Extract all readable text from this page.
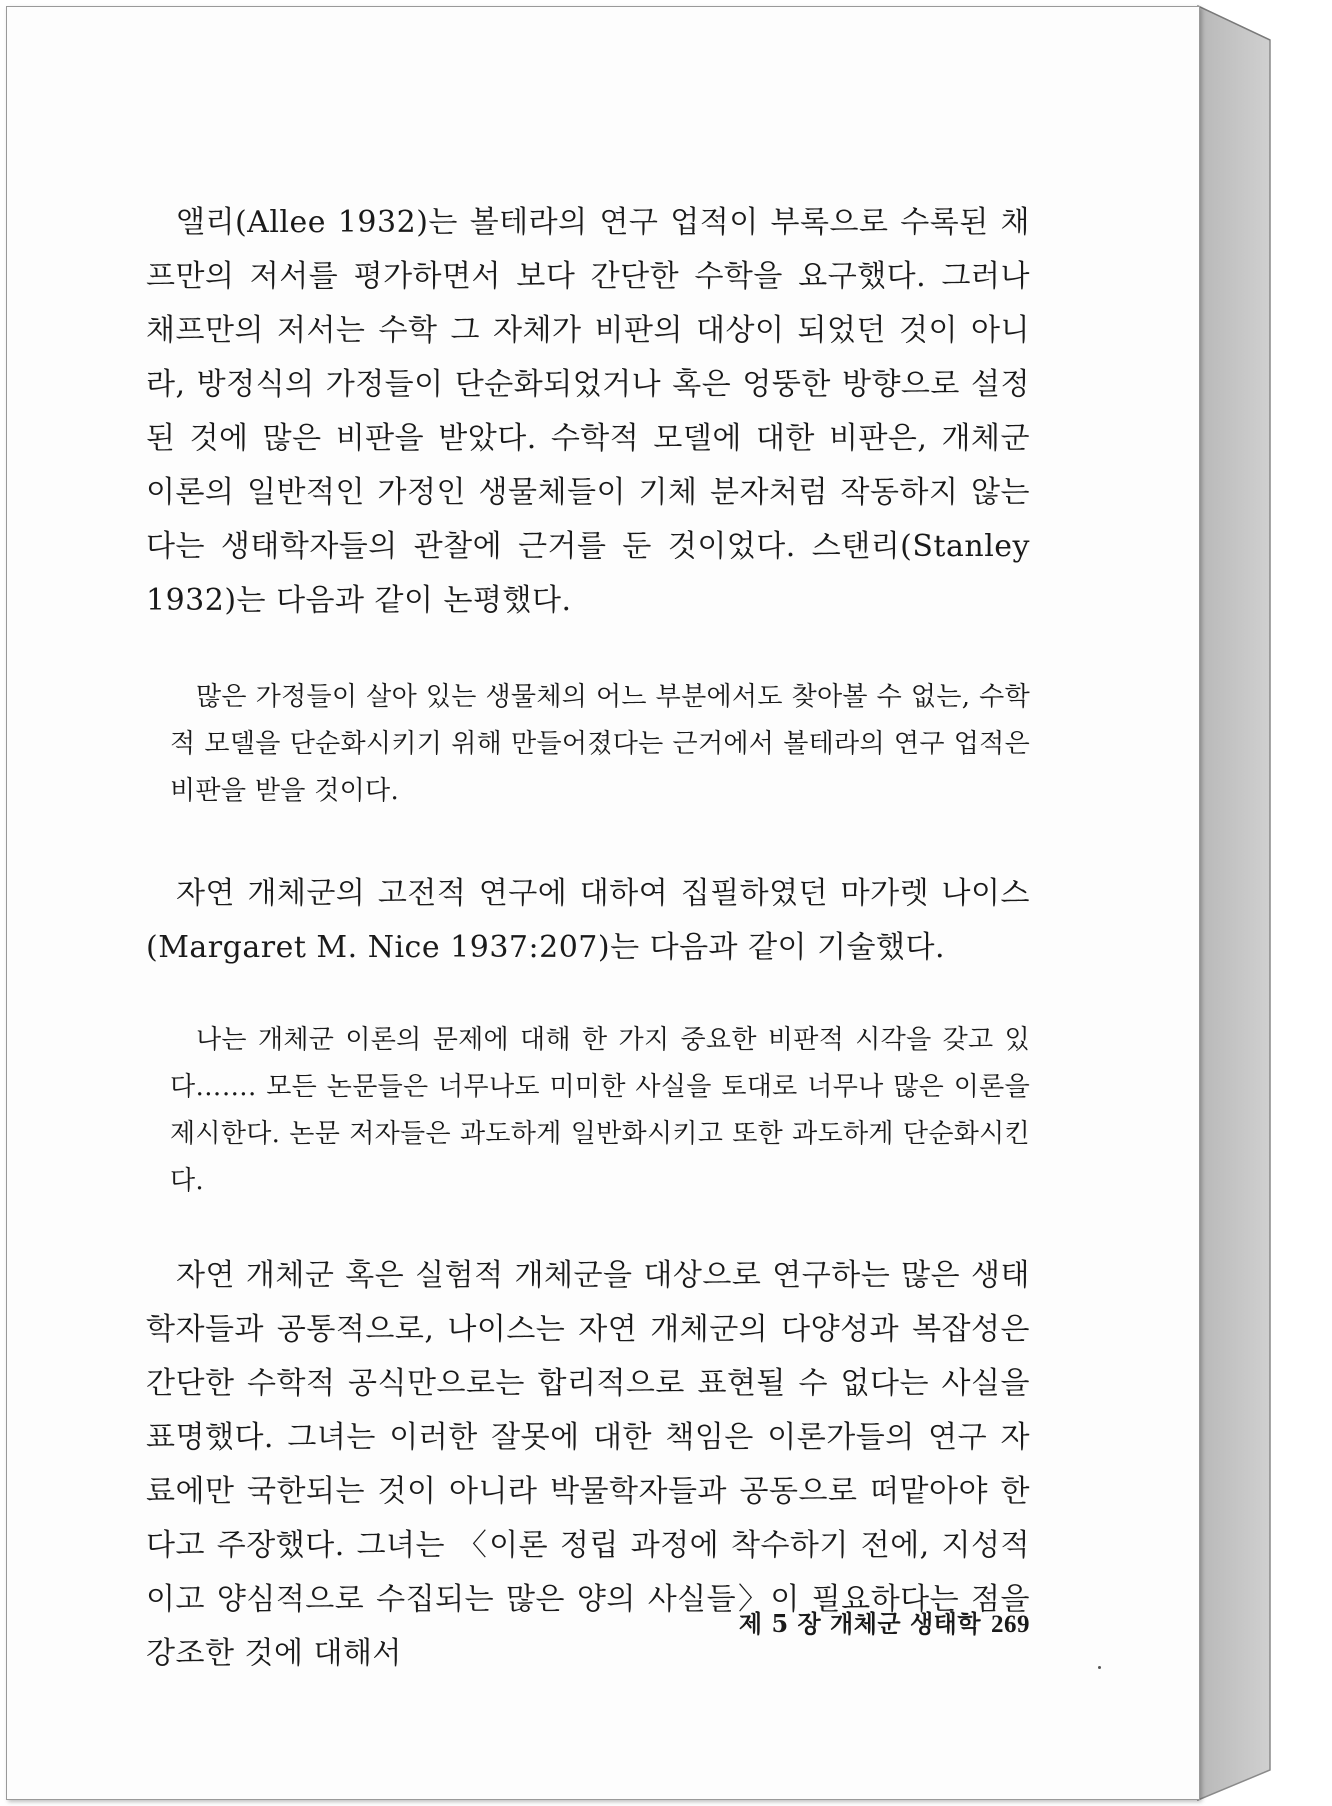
앨리(Allee 1932)는 볼테라의 연구 업적이 부록으로 수록된 채프만의 저서를 평가하면서 보다 간단한 수학을 요구했다. 그러나 채프만의 저서는 수학 그 자체가 비판의 대상이 되었던 것이 아니라, 방정식의 가정들이 단순화되었거나 혹은 엉뚱한 방향으로 설정된 것에 많은 비판을 받았다. 수학적 모델에 대한 비판은, 개체군 이론의 일반적인 가정인 생물체들이 기체 분자처럼 작동하지 않는다는 생태학자들의 관찰에 근거를 둔 것이었다. 스탠리(Stanley 1932)는 다음과 같이 논평했다.

많은 가정들이 살아 있는 생물체의 어느 부분에서도 찾아볼 수 없는, 수학적 모델을 단순화시키기 위해 만들어졌다는 근거에서 볼테라의 연구 업적은 비판을 받을 것이다.

자연 개체군의 고전적 연구에 대하여 집필하였던 마가렛 나이스(Margaret M. Nice 1937:207)는 다음과 같이 기술했다.

나는 개체군 이론의 문제에 대해 한 가지 중요한 비판적 시각을 갖고 있다……. 모든 논문들은 너무나도 미미한 사실을 토대로 너무나 많은 이론을 제시한다. 논문 저자들은 과도하게 일반화시키고 또한 과도하게 단순화시킨다.

자연 개체군 혹은 실험적 개체군을 대상으로 연구하는 많은 생태학자들과 공통적으로, 나이스는 자연 개체군의 다양성과 복잡성은 간단한 수학적 공식만으로는 합리적으로 표현될 수 없다는 사실을 표명했다. 그녀는 이러한 잘못에 대한 책임은 이론가들의 연구 자료에만 국한되는 것이 아니라 박물학자들과 공동으로 떠맡아야 한다고 주장했다. 그녀는 〈이론 정립 과정에 착수하기 전에, 지성적이고 양심적으로 수집되는 많은 양의 사실들〉이 필요하다는 점을 강조한 것에 대해서

제 5 장 개체군 생태학 269
